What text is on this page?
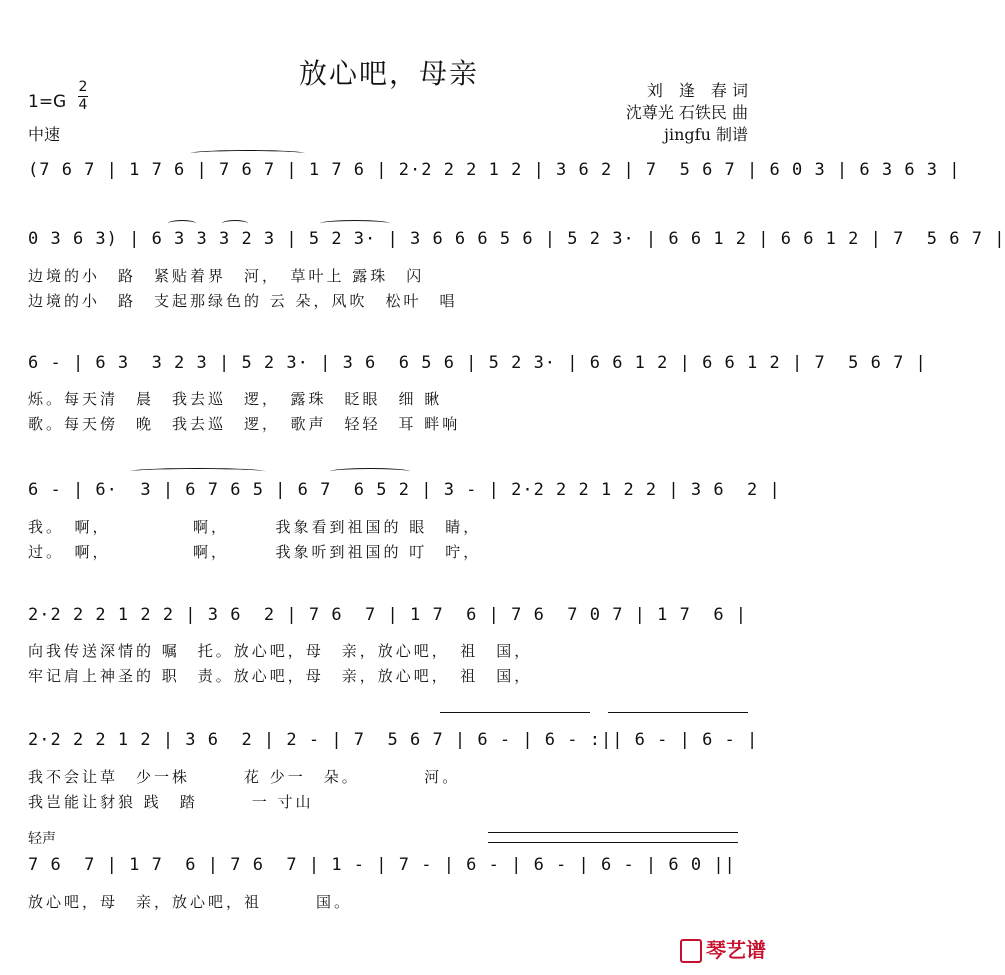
放心吧，母亲
刘　逢　春 词
沈尊光 石铁民 曲
jingfu 制谱
1=G
2
4
中速
轻声
(7 6 7 | 1 7 6 | 7 6 7 | 1 7 6 | 2·2 2 2 1 2 | 3 6 2 | 7  5 6 7 | 6 0 3 | 6 3 6 3 |
0 3 6 3) | 6 3 3 3 2 3 | 5 2 3· | 3 6 6 6 5 6 | 5 2 3· | 6 6 1 2 | 6 6 1 2 | 7  5 6 7 |
边境的小　路　紧贴着界　河，　草叶上 露珠　闪
边境的小　路　支起那绿色的 云 朵，风吹　松叶　唱
6 - | 6 3  3 2 3 | 5 2 3· | 3 6  6 5 6 | 5 2 3· | 6 6 1 2 | 6 6 1 2 | 7  5 6 7 |
烁。每天清　晨　我去巡　逻，　露珠　眨眼　细 瞅
歌。每天傍　晚　我去巡　逻，　歌声　轻轻　耳 畔响
6 - | 6·  3 | 6 7 6 5 | 6 7  6 5 2 | 3 - | 2·2 2 2 1 2 2 | 3 6  2 |
我。　啊，　　　　　啊，　　　我象看到祖国的 眼　睛，
过。　啊，　　　　　啊，　　　我象听到祖国的 叮　咛，
2·2 2 2 1 2 2 | 3 6  2 | 7 6  7 | 1 7  6 | 7 6  7 0 7 | 1 7  6 |
向我传送深情的 嘱　托。放心吧，母　亲，放心吧，　祖　国，
牢记肩上神圣的 职　责。放心吧，母　亲，放心吧，　祖　国，
2·2 2 2 1 2 | 3 6  2 | 2 - | 7  5 6 7 | 6 - | 6 - :|| 6 - | 6 - |
我不会让草　少一株　　　花 少一　朵。　　　　河。
我岂能让豺狼 践　踏　　　一 寸山
7 6  7 | 1 7  6 | 7 6  7 | 1 - | 7 - | 6 - | 6 - | 6 - | 6 0 ||
放心吧，母　亲，放心吧，祖　　　国。
琴艺谱
